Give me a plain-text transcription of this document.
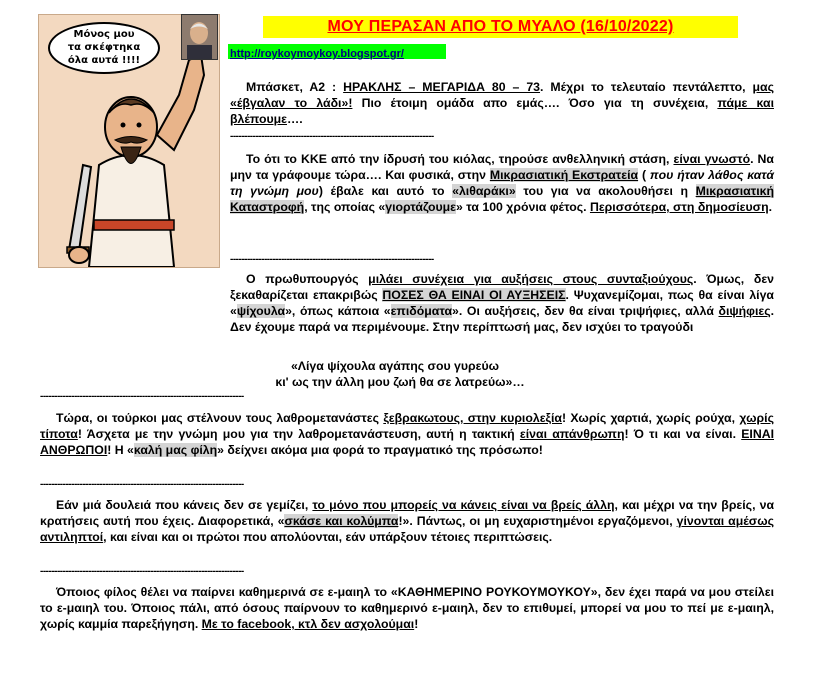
Μόνος μου
τα σκέφτηκα
όλα αυτά !!!!
ΜΟΥ ΠΕΡΑΣΑΝ ΑΠΟ ΤΟ ΜΥΑΛΟ (16/10/2022)
http://roykoymoykoy.blogspot.gr/
Μπάσκετ, Α2 : ΗΡΑΚΛΗΣ – ΜΕΓΑΡΙΔΑ 80 – 73. Μέχρι το τελευταίο πεντάλεπτο, μας «έβγαλαν το λάδι»! Πιο έτοιμη ομάδα απο εμάς…. Όσο για τη συνέχεια, πάμε και βλέπουμε….
------------------------------------------------------------------------
Το ότι το ΚΚΕ από την ίδρυσή του κιόλας, τηρούσε ανθελληνική στάση, είναι γνωστό. Να μην τα γράφουμε τώρα…. Και φυσικά, στην Μικρασιατική Εκστρατεία ( που ήταν λάθος κατά τη γνώμη μου) έβαλε και αυτό το «λιθαράκι» του για να ακολουθήσει η Μικρασιατική Καταστροφή, της οποίας «γιορτάζουμε» τα 100 χρόνια φέτος. Περισσότερα, στη δημοσίευση.
------------------------------------------------------------------------
Ο πρωθυπουργός μιλάει συνέχεια για αυξήσεις στους συνταξιούχους. Όμως, δεν ξεκαθαρίζεται επακριβώς ΠΟΣΕΣ ΘΑ ΕΙΝΑΙ ΟΙ ΑΥΞΗΣΕΙΣ. Ψυχανεμίζομαι, πως θα είναι λίγα «ψίχουλα», όπως κάποια «επιδόματα». Οι αυξήσεις, δεν θα είναι τριψήφιες, αλλά διψήφιες. Δεν έχουμε παρά να περιμένουμε. Στην περίπτωσή μας, δεν ισχύει το τραγούδι
«Λίγα ψίχουλα αγάπης σου γυρεύω
κι' ως την άλλη μου ζωή θα σε λατρεύω»…
------------------------------------------------------------------------
Τώρα, οι τούρκοι μας στέλνουν τους λαθρομετανάστες ξεβρακωτους, στην κυριολεξία! Χωρίς χαρτιά, χωρίς ρούχα, χωρίς τίποτα! Άσχετα με την γνώμη μου για την λαθρομετανάστευση, αυτή η τακτική είναι απάνθρωπη! Ό τι και να είναι. ΕΙΝΑΙ ΑΝΘΡΩΠΟΙ! Η «καλή μας φίλη» δείχνει ακόμα μια φορά το πραγματικό της πρόσωπο!
------------------------------------------------------------------------
Εάν μιά δουλειά που κάνεις δεν σε γεμίζει, το μόνο που μπορείς να κάνεις είναι να βρείς άλλη, και μέχρι να την βρείς, να κρατήσεις αυτή που έχεις. Διαφορετικά, «σκάσε και κολύμπα!». Πάντως, οι μη ευχαριστημένοι εργαζόμενοι, γίνονται αμέσως αντιληπτοί, και είναι και οι πρώτοι που απολύονται, εάν υπάρξουν τέτοιες περιπτώσεις.
------------------------------------------------------------------------
Όποιος φίλος θέλει να παίρνει καθημερινά σε ε-μαιηλ το «ΚΑΘΗΜΕΡΙΝΟ ΡΟΥΚΟΥΜΟΥΚΟΥ», δεν έχει παρά να μου στείλει το ε-μαιηλ του. Όποιος πάλι, από όσους παίρνουν το καθημερινό ε-μαιηλ, δεν το επιθυμεί, μπορεί να μου το πεί με ε-μαιηλ, χωρίς καμμία παρεξήγηση. Με το facebook, κτλ δεν ασχολούμαι!
